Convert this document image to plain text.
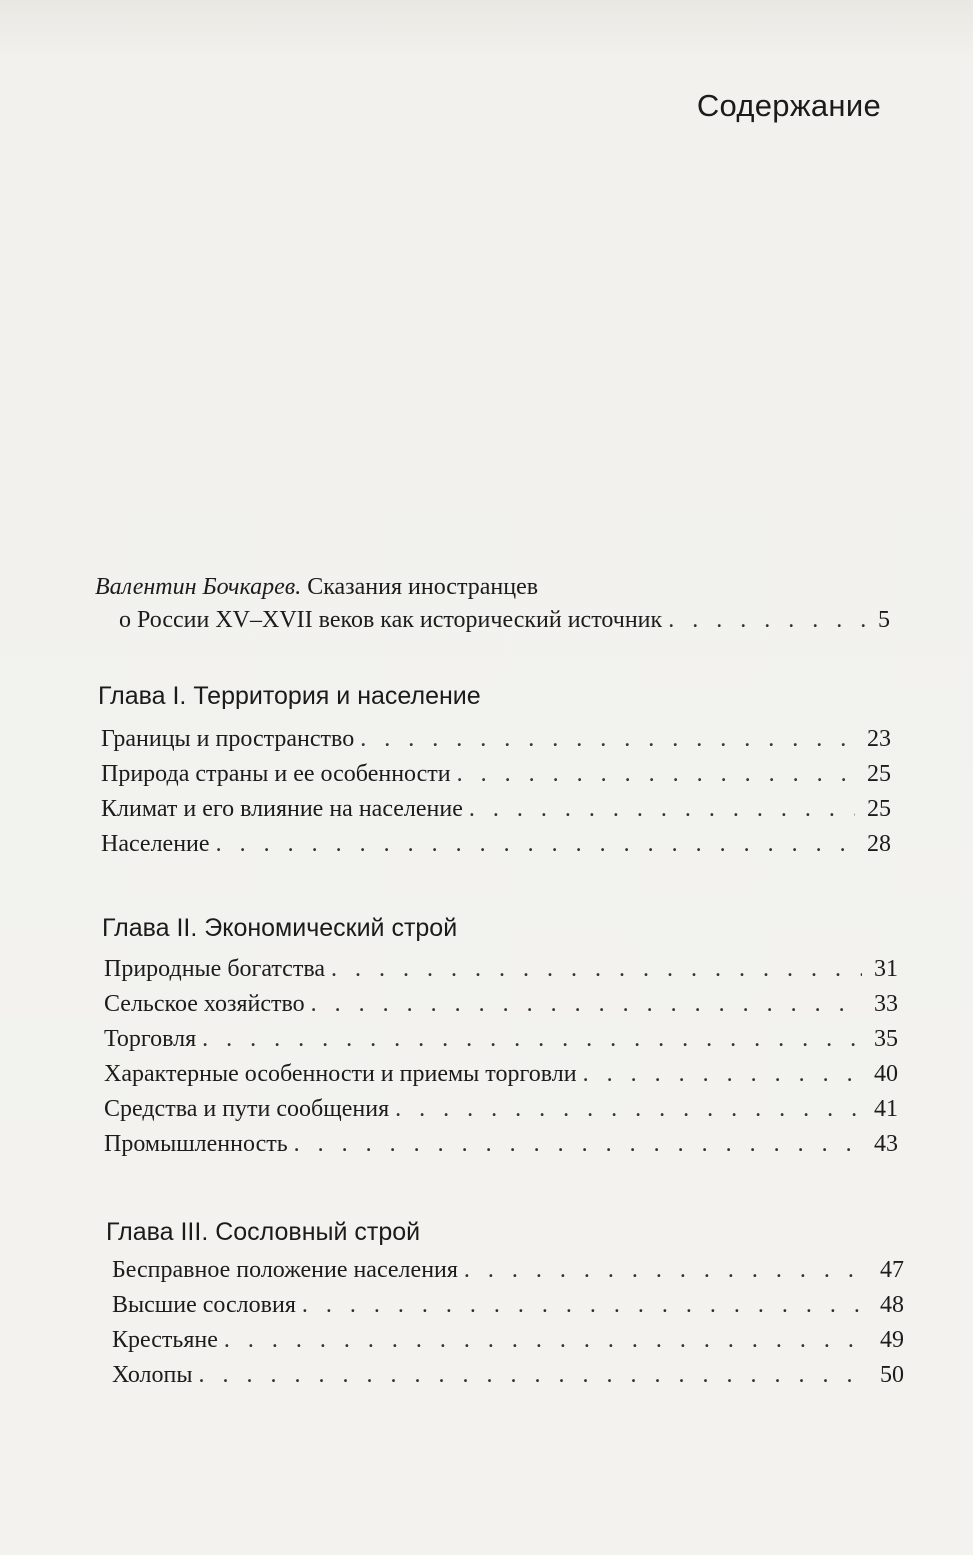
Содержание
Валентин Бочкарев. Сказания иностранцев
о России XV–XVII веков как исторический источник . . .	5
Глава I. Территория и население
Границы и пространство . . .	23
Природа страны и ее особенности . . .	25
Климат и его влияние на население . . .	25
Население . . .	28
Глава II. Экономический строй
Природные богатства . . .	31
Сельское хозяйство . . .	33
Торговля . . .	35
Характерные особенности и приемы торговли . . .	40
Средства и пути сообщения . . .	41
Промышленность . . .	43
Глава III. Сословный строй
Бесправное положение населения . . .	47
Высшие сословия . . .	48
Крестьяне . . .	49
Холопы . . .	50
